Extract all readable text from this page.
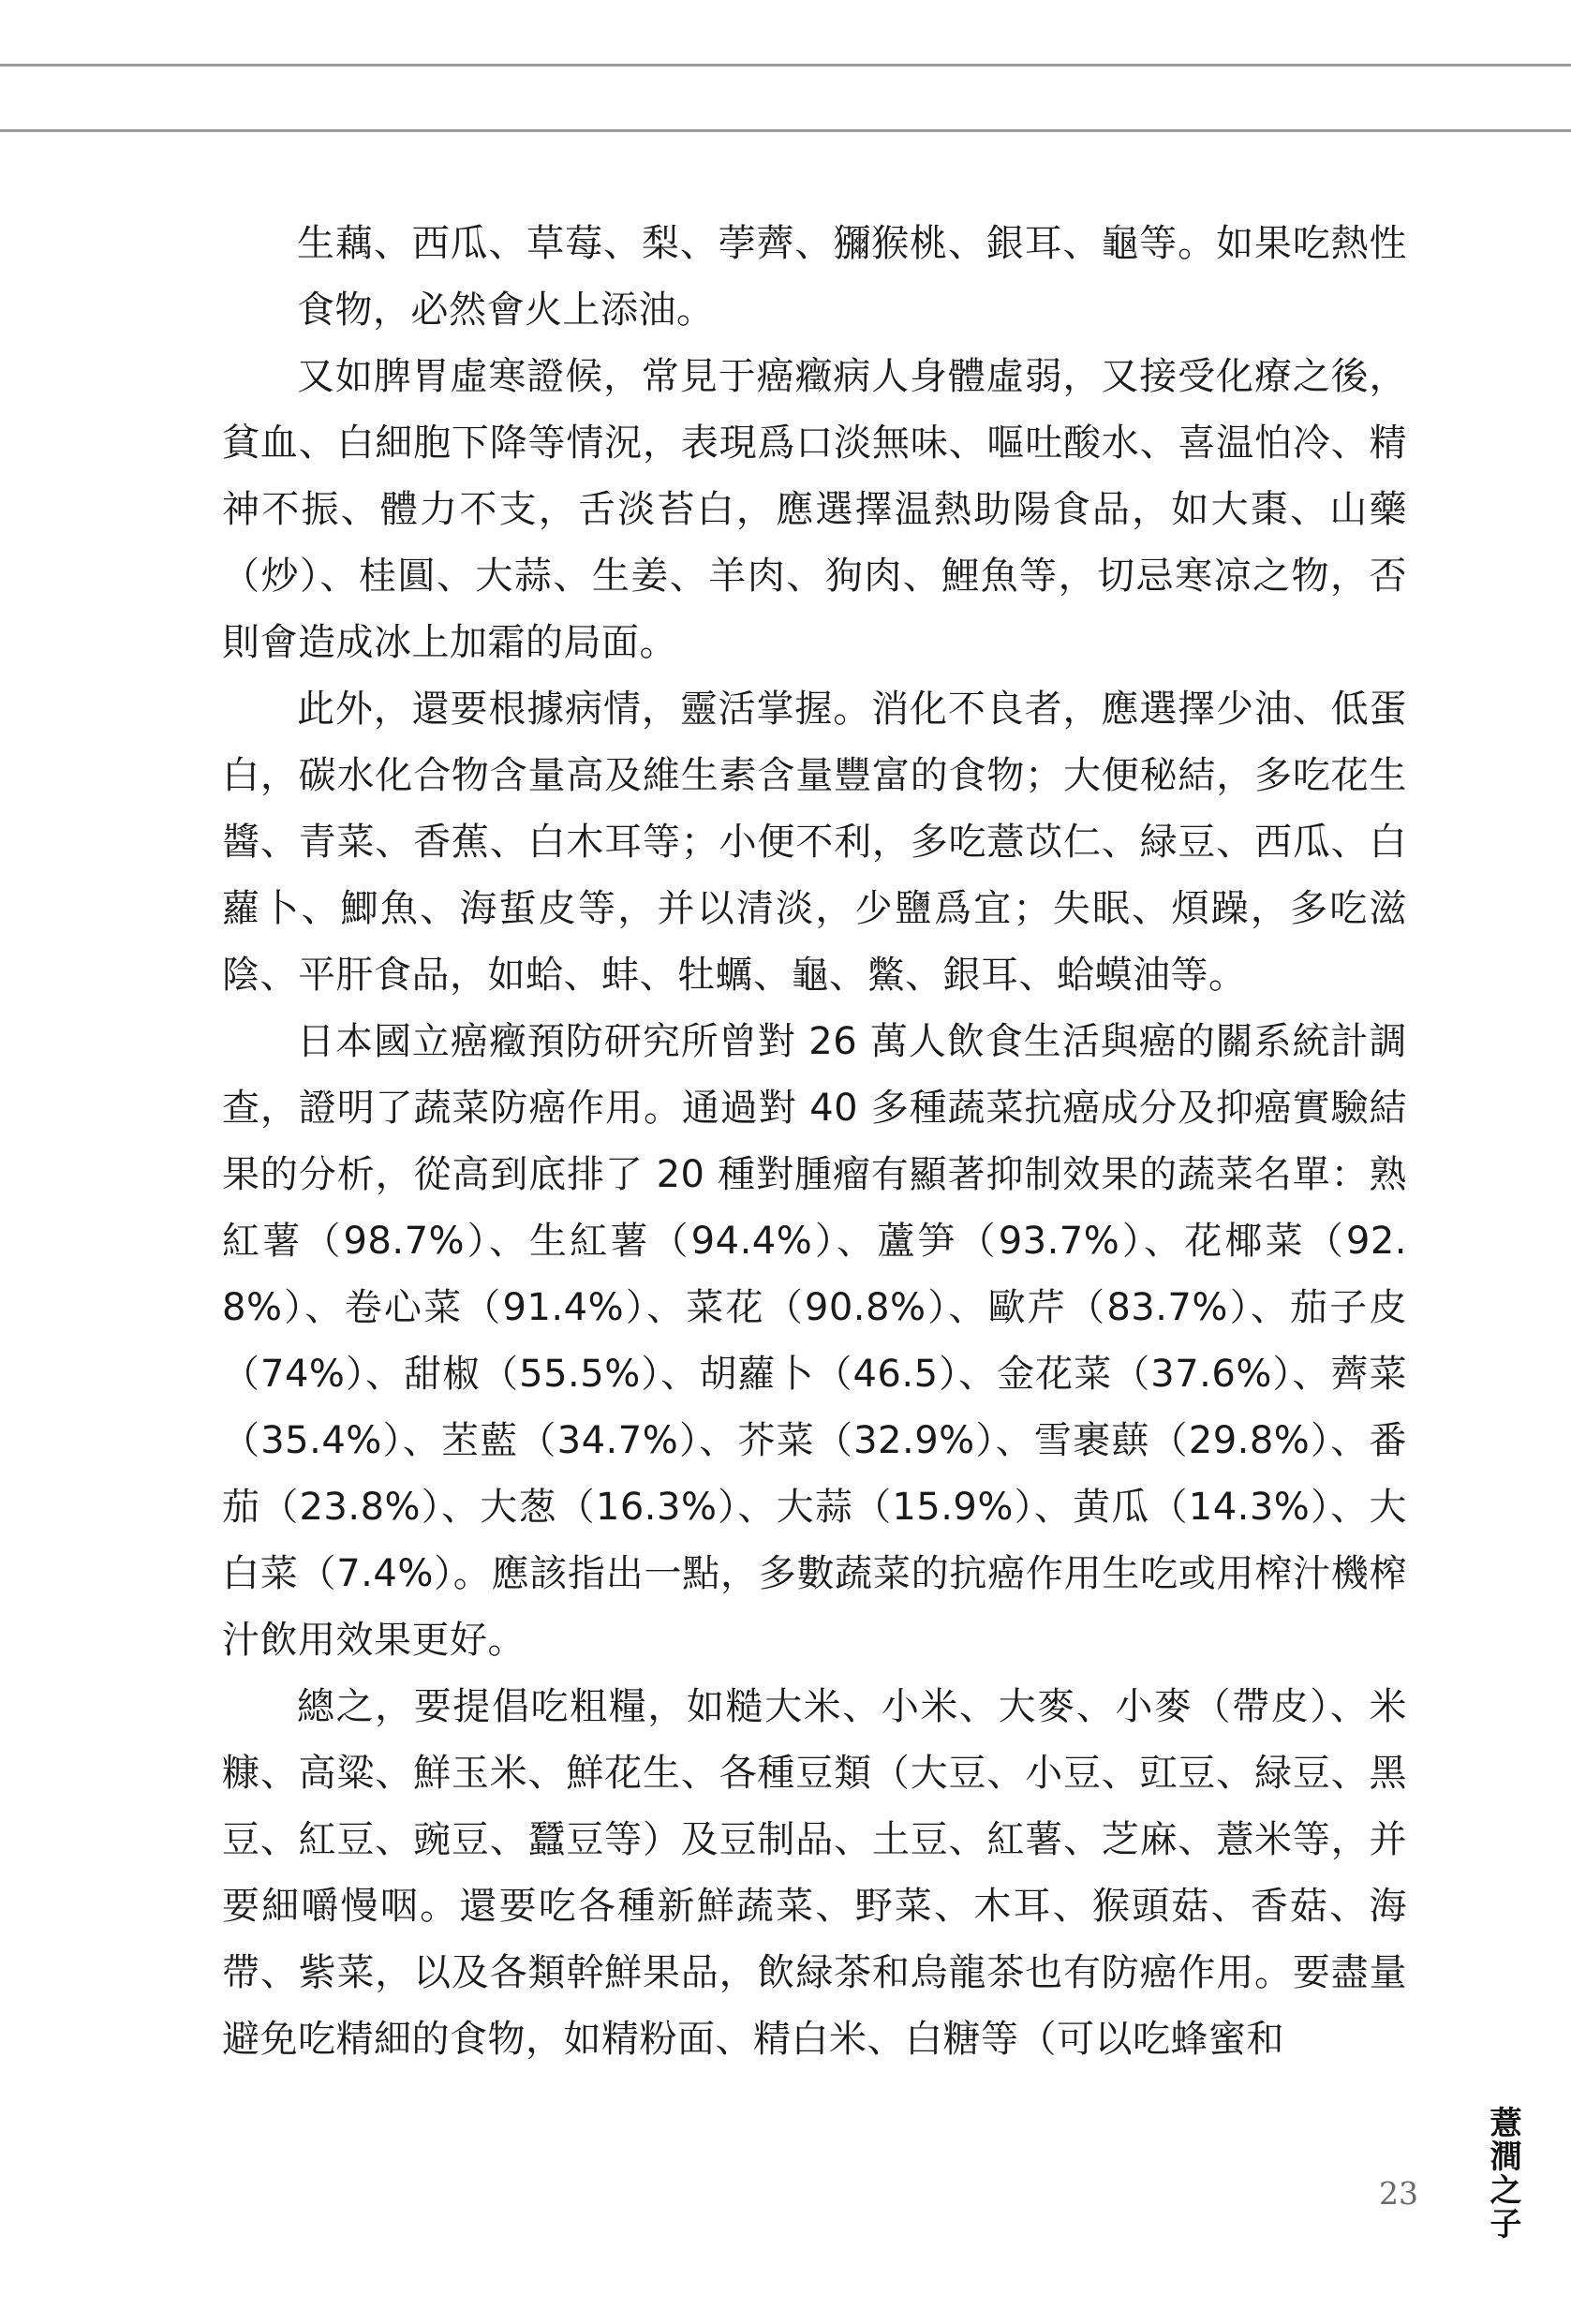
生藕、西瓜、草莓、梨、荸薺、獼猴桃、銀耳、龜等。如果吃熱性食物，必然會火上添油。

又如脾胃虛寒證候，常見于癌癥病人身體虛弱，又接受化療之後，貧血、白細胞下降等情況，表現爲口淡無味、嘔吐酸水、喜温怕冷、精神不振、體力不支，舌淡苔白，應選擇温熱助陽食品，如大棗、山藥（炒）、桂圓、大蒜、生姜、羊肉、狗肉、鯉魚等，切忌寒凉之物，否則會造成冰上加霜的局面。

此外，還要根據病情，靈活掌握。消化不良者，應選擇少油、低蛋白，碳水化合物含量高及維生素含量豐富的食物；大便秘結，多吃花生醬、青菜、香蕉、白木耳等；小便不利，多吃薏苡仁、緑豆、西瓜、白蘿卜、鯽魚、海蜇皮等，并以清淡，少鹽爲宜；失眠、煩躁，多吃滋陰、平肝食品，如蛤、蚌、牡蠣、龜、鱉、銀耳、蛤蟆油等。

日本國立癌癥預防研究所曾對 26 萬人飲食生活與癌的關系統計調查，證明了蔬菜防癌作用。通過對 40 多種蔬菜抗癌成分及抑癌實驗結果的分析，從高到底排了 20 種對腫瘤有顯著抑制效果的蔬菜名單：熟紅薯（98.7%）、生紅薯（94.4%）、蘆笋（93.7%）、花椰菜（92.8%）、卷心菜（91.4%）、菜花（90.8%）、歐芹（83.7%）、茄子皮（74%）、甜椒（55.5%）、胡蘿卜（46.5）、金花菜（37.6%）、薺菜（35.4%）、苤藍（34.7%）、芥菜（32.9%）、雪裹蕻（29.8%）、番茄（23.8%）、大葱（16.3%）、大蒜（15.9%）、黄瓜（14.3%）、大白菜（7.4%）。應該指出一點，多數蔬菜的抗癌作用生吃或用榨汁機榨汁飲用效果更好。

總之，要提倡吃粗糧，如糙大米、小米、大麥、小麥（帶皮）、米糠、高粱、鮮玉米、鮮花生、各種豆類（大豆、小豆、豇豆、緑豆、黑豆、紅豆、豌豆、蠶豆等）及豆制品、土豆、紅薯、芝麻、薏米等，并要細嚼慢咽。還要吃各種新鮮蔬菜、野菜、木耳、猴頭菇、香菇、海帶、紫菜，以及各類幹鮮果品，飲緑茶和烏龍茶也有防癌作用。要盡量避免吃精細的食物，如精粉面、精白米、白糖等（可以吃蜂蜜和

23 薏澗之子
